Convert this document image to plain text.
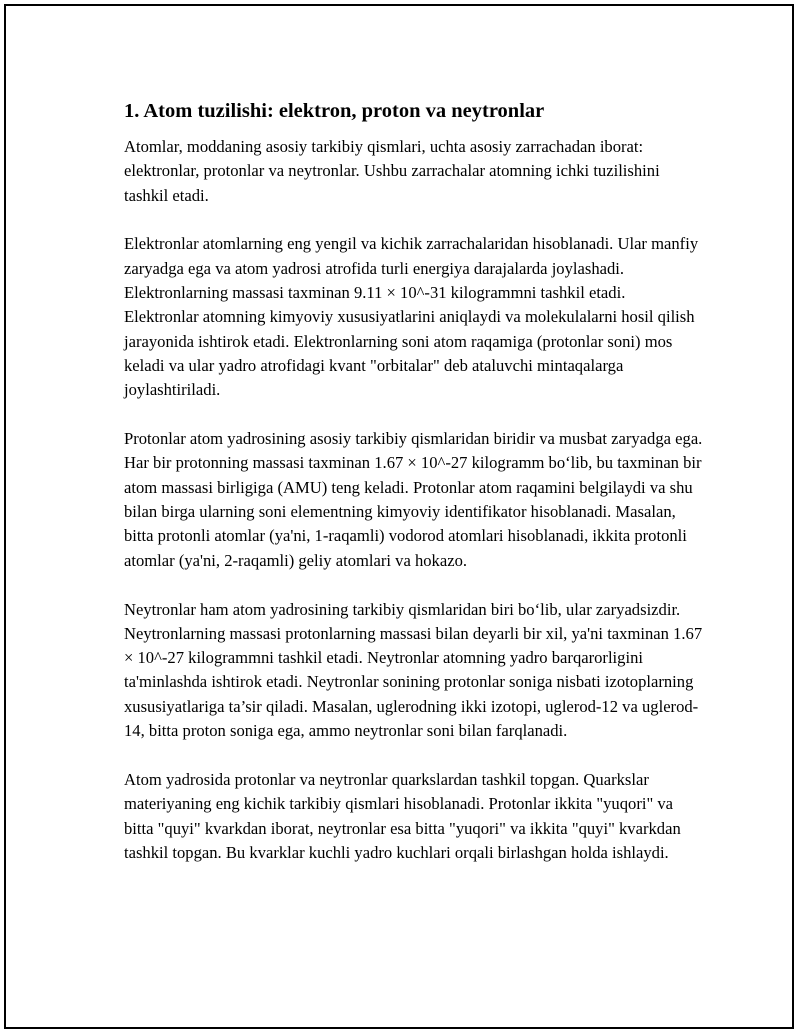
1. Atom tuzilishi: elektron, proton va neytronlar

Atomlar, moddaning asosiy tarkibiy qismlari, uchta asosiy zarrachadan iborat: elektronlar, protonlar va neytronlar. Ushbu zarrachalar atomning ichki tuzilishini tashkil etadi.

Elektronlar atomlarning eng yengil va kichik zarrachalaridan hisoblanadi. Ular manfiy zaryadga ega va atom yadrosi atrofida turli energiya darajalarda joylashadi. Elektronlarning massasi taxminan 9.11 × 10^-31 kilogrammni tashkil etadi. Elektronlar atomning kimyoviy xususiyatlarini aniqlaydi va molekulalarni hosil qilish jarayonida ishtirok etadi. Elektronlarning soni atom raqamiga (protonlar soni) mos keladi va ular yadro atrofidagi kvant "orbitalar" deb ataluvchi mintaqalarga joylashtiriladi.

Protonlar atom yadrosining asosiy tarkibiy qismlaridan biridir va musbat zaryadga ega. Har bir protonning massasi taxminan 1.67 × 10^-27 kilogramm bo‘lib, bu taxminan bir atom massasi birligiga (AMU) teng keladi. Protonlar atom raqamini belgilaydi va shu bilan birga ularning soni elementning kimyoviy identifikator hisoblanadi. Masalan, bitta protonli atomlar (ya'ni, 1-raqamli) vodorod atomlari hisoblanadi, ikkita protonli atomlar (ya'ni, 2-raqamli) geliy atomlari va hokazo.

Neytronlar ham atom yadrosining tarkibiy qismlaridan biri bo‘lib, ular zaryadsizdir. Neytronlarning massasi protonlarning massasi bilan deyarli bir xil, ya'ni taxminan 1.67 × 10^-27 kilogrammni tashkil etadi. Neytronlar atomning yadro barqarorligini ta'minlashda ishtirok etadi. Neytronlar sonining protonlar soniga nisbati izotoplarning xususiyatlariga ta’sir qiladi. Masalan, uglerodning ikki izotopi, uglerod-12 va uglerod-14, bitta proton soniga ega, ammo neytronlar soni bilan farqlanadi.

Atom yadrosida protonlar va neytronlar quarkslardan tashkil topgan. Quarkslar materiyaning eng kichik tarkibiy qismlari hisoblanadi. Protonlar ikkita "yuqori" va bitta "quyi" kvarkdan iborat, neytronlar esa bitta "yuqori" va ikkita "quyi" kvarkdan tashkil topgan. Bu kvarklar kuchli yadro kuchlari orqali birlashgan holda ishlaydi.
